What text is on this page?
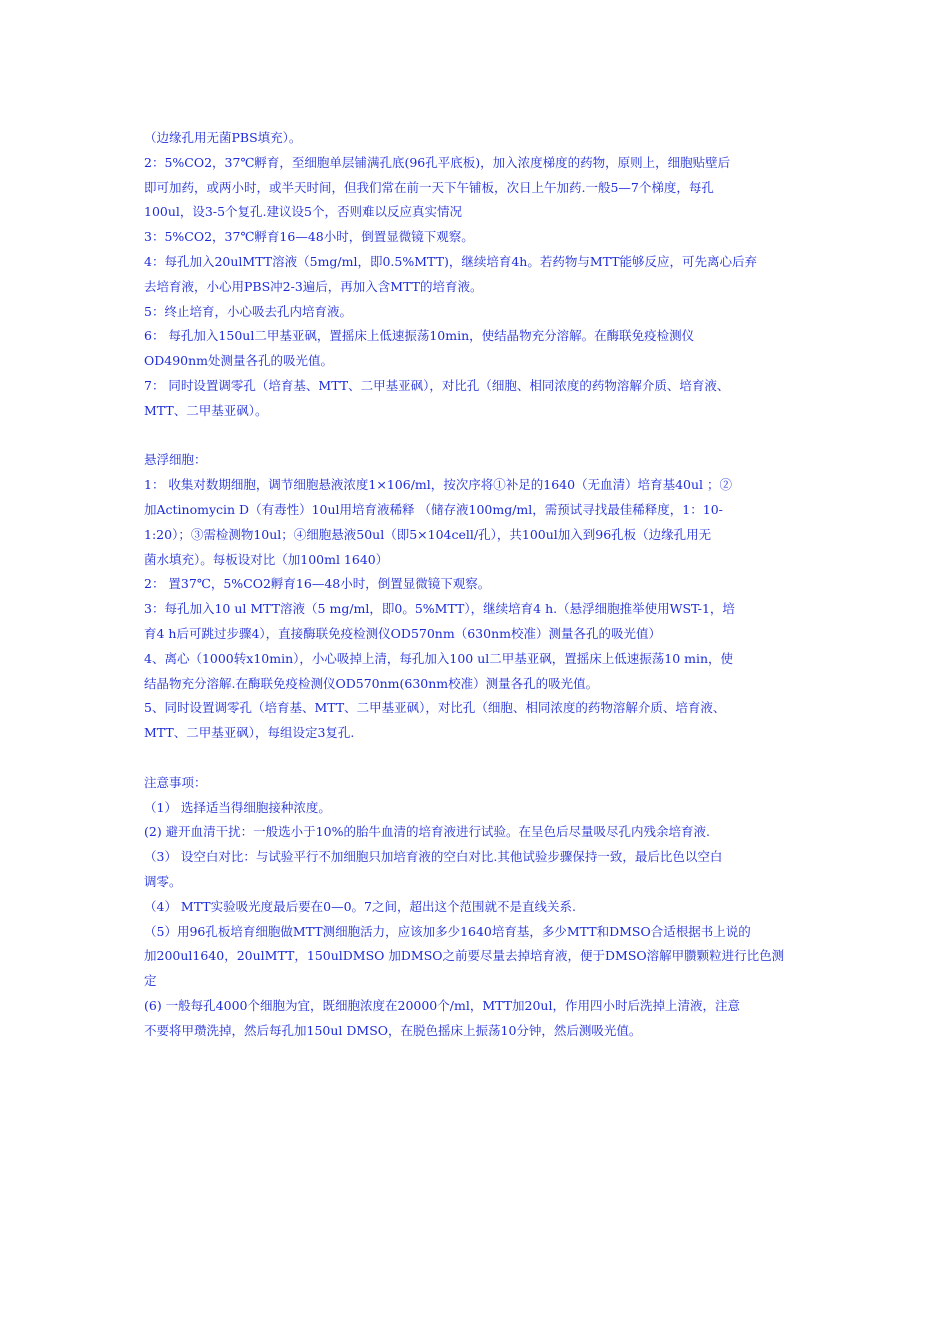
（边缘孔用无菌PBS填充）。
2：5%CO2，37℃孵育，至细胞单层铺满孔底(96孔平底板)，加入浓度梯度的药物，原则上，细胞贴壁后
即可加药，或两小时，或半天时间，但我们常在前一天下午铺板，次日上午加药.一般5—7个梯度，每孔
100ul，设3-5个复孔.建议设5个，否则难以反应真实情况
3：5%CO2，37℃孵育16—48小时，倒置显微镜下观察。
4：每孔加入20ulMTT溶液（5mg/ml，即0.5%MTT)，继续培育4h。若药物与MTT能够反应，可先离心后弃
去培育液，小心用PBS冲2-3遍后，再加入含MTT的培育液。
5：终止培育，小心吸去孔内培育液。
6： 每孔加入150ul二甲基亚砜，置摇床上低速振荡10min，使结晶物充分溶解。在酶联免疫检测仪
OD490nm处测量各孔的吸光值。
7： 同时设置调零孔（培育基、MTT、二甲基亚砜），对比孔（细胞、相同浓度的药物溶解介质、培育液、
MTT、二甲基亚砜）。
悬浮细胞：
1： 收集对数期细胞，调节细胞悬液浓度1×106/ml，按次序将①补足的1640（无血清）培育基40ul ；②
加Actinomycin D（有毒性）10ul用培育液稀释 （储存液100mg/ml，需预试寻找最佳稀释度，1：10-
1:20）；③需检测物10ul；④细胞悬液50ul（即5×104cell/孔），共100ul加入到96孔板（边缘孔用无
菌水填充）。每板设对比（加100ml 1640）
2： 置37℃，5%CO2孵育16—48小时，倒置显微镜下观察。
3：每孔加入10 ul MTT溶液（5 mg/ml，即0。5%MTT），继续培育4 h.（悬浮细胞推举使用WST-1，培
育4 h后可跳过步骤4），直接酶联免疫检测仪OD570nm（630nm校准）测量各孔的吸光值）
4、离心（1000转x10min），小心吸掉上清，每孔加入100 ul二甲基亚砜，置摇床上低速振荡10 min，使
结晶物充分溶解.在酶联免疫检测仪OD570nm(630nm校准）测量各孔的吸光值。
5、同时设置调零孔（培育基、MTT、二甲基亚砜），对比孔（细胞、相同浓度的药物溶解介质、培育液、
MTT、二甲基亚砜），每组设定3复孔.
注意事项：
（1） 选择适当得细胞接种浓度。
(2) 避开血清干扰：一般选小于10%的胎牛血清的培育液进行试验。在呈色后尽量吸尽孔内残余培育液.
（3） 设空白对比：与试验平行不加细胞只加培育液的空白对比.其他试验步骤保持一致，最后比色以空白
调零。
（4） MTT实验吸光度最后要在0—0。7之间，超出这个范围就不是直线关系.
（5）用96孔板培育细胞做MTT测细胞活力，应该加多少1640培育基，多少MTT和DMSO合适根据书上说的
加200ul1640，20ulMTT，150ulDMSO 加DMSO之前要尽量去掉培育液，便于DMSO溶解甲臜颗粒进行比色测
定
(6) 一般每孔4000个细胞为宜，既细胞浓度在20000个/ml，MTT加20ul，作用四小时后洗掉上清液，注意
不要将甲瓒洗掉，然后每孔加150ul DMSO，在脱色摇床上振荡10分钟，然后测吸光值。
